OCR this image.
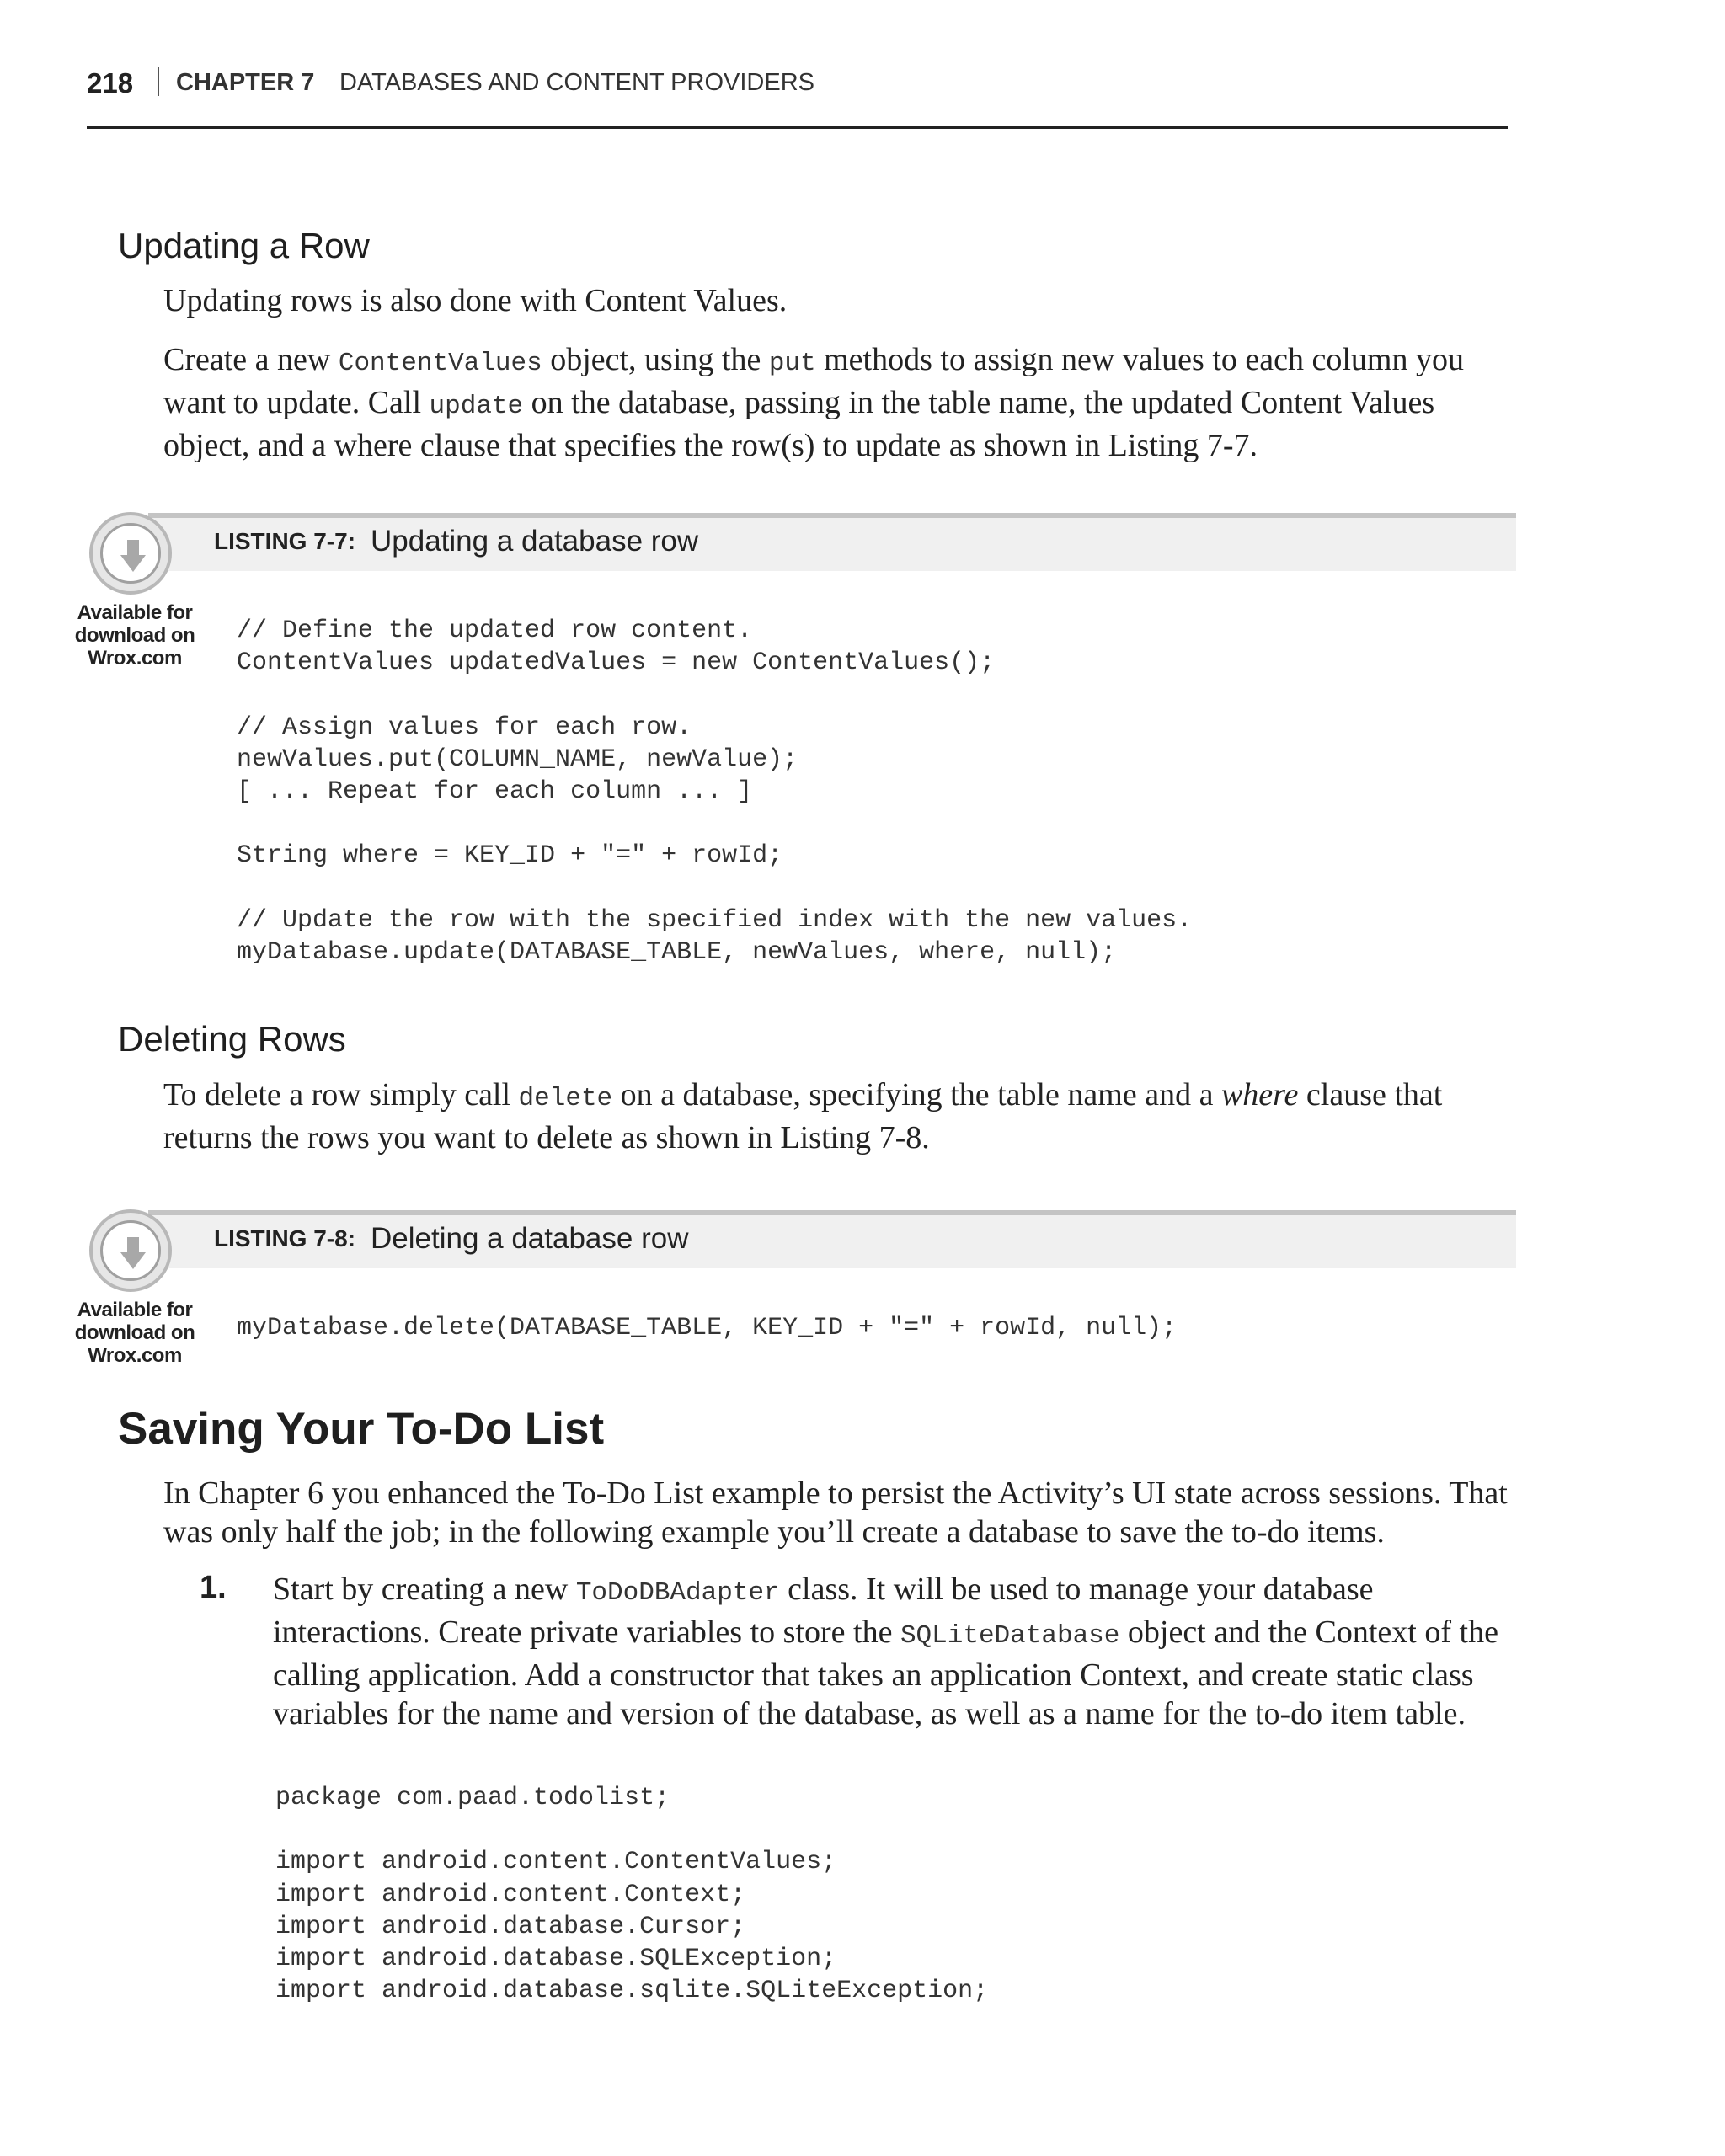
218 CHAPTER 7 DATABASES AND CONTENT PROVIDERS
Updating a Row

Updating rows is also done with Content Values.

Create a new ContentValues object, using the put methods to assign new values to each column you want to update. Call update on the database, passing in the table name, the updated Content Values object, and a where clause that specifies the row(s) to update as shown in Listing 7-7.

LISTING 7-7: Updating a database row
Available for
download on
Wrox.com
// Define the updated row content.
ContentValues updatedValues = new ContentValues();

// Assign values for each row.
newValues.put(COLUMN_NAME, newValue);
[ ... Repeat for each column ... ]

String where = KEY_ID + "=" + rowId;

// Update the row with the specified index with the new values.
myDatabase.update(DATABASE_TABLE, newValues, where, null);
Deleting Rows

To delete a row simply call delete on a database, specifying the table name and a where clause that returns the rows you want to delete as shown in Listing 7-8.

LISTING 7-8: Deleting a database row
Available for
download on
Wrox.com
myDatabase.delete(DATABASE_TABLE, KEY_ID + "=" + rowId, null);
Saving Your To-Do List

In Chapter 6 you enhanced the To-Do List example to persist the Activity’s UI state across sessions. That was only half the job; in the following example you’ll create a database to save the to-do items.

1. Start by creating a new ToDoDBAdapter class. It will be used to manage your database interactions. Create private variables to store the SQLiteDatabase object and the Context of the calling application. Add a constructor that takes an application Context, and create static class variables for the name and version of the database, as well as a name for the to-do item table.

package com.paad.todolist;

import android.content.ContentValues;
import android.content.Context;
import android.database.Cursor;
import android.database.SQLException;
import android.database.sqlite.SQLiteException;
